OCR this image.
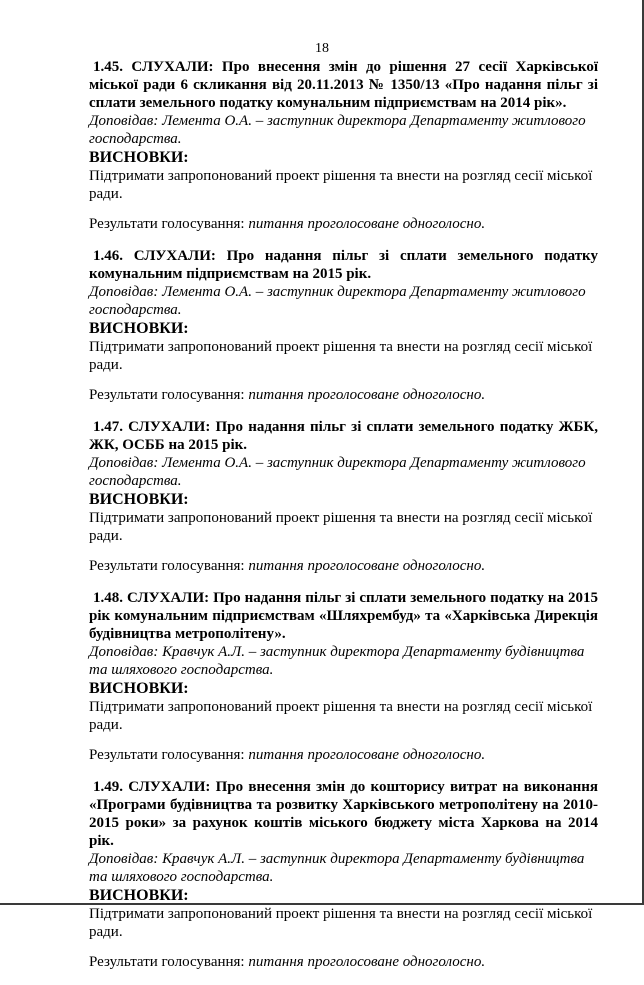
18

1.45. СЛУХАЛИ: Про внесення змін до рішення 27 сесії Харківської міської ради 6 скликання від 20.11.2013 № 1350/13 «Про надання пільг зі сплати земельного податку комунальним підприємствам на 2014 рік».

Доповідав: Лемента О.А. – заступник директора Департаменту житлового господарства.

ВИСНОВКИ:

Підтримати запропонований проект рішення та внести на розгляд сесії міської ради.

Результати голосування: питання проголосоване одноголосно.

1.46. СЛУХАЛИ: Про надання пільг зі сплати земельного податку комунальним підприємствам на 2015 рік.

Доповідав: Лемента О.А. – заступник директора Департаменту житлового господарства.

ВИСНОВКИ:

Підтримати запропонований проект рішення та внести на розгляд сесії міської ради.

Результати голосування: питання проголосоване одноголосно.

1.47. СЛУХАЛИ: Про надання пільг зі сплати земельного податку ЖБК, ЖК, ОСББ на 2015 рік.

Доповідав: Лемента О.А. – заступник директора Департаменту житлового господарства.

ВИСНОВКИ:

Підтримати запропонований проект рішення та внести на розгляд сесії міської ради.

Результати голосування: питання проголосоване одноголосно.

1.48. СЛУХАЛИ: Про надання пільг зі сплати земельного податку на 2015 рік комунальним підприємствам «Шляхрембуд» та «Харківська Дирекція будівництва метрополітену».

Доповідав: Кравчук А.Л. – заступник директора Департаменту будівництва та шляхового господарства.

ВИСНОВКИ:

Підтримати запропонований проект рішення та внести на розгляд сесії міської ради.

Результати голосування: питання проголосоване одноголосно.

1.49. СЛУХАЛИ: Про внесення змін до кошторису витрат на виконання «Програми будівництва та розвитку Харківського метрополітену на 2010-2015 роки» за рахунок коштів міського бюджету міста Харкова на 2014 рік.

Доповідав: Кравчук А.Л. – заступник директора Департаменту будівництва та шляхового господарства.

ВИСНОВКИ:

Підтримати запропонований проект рішення та внести на розгляд сесії міської ради.

Результати голосування: питання проголосоване одноголосно.
